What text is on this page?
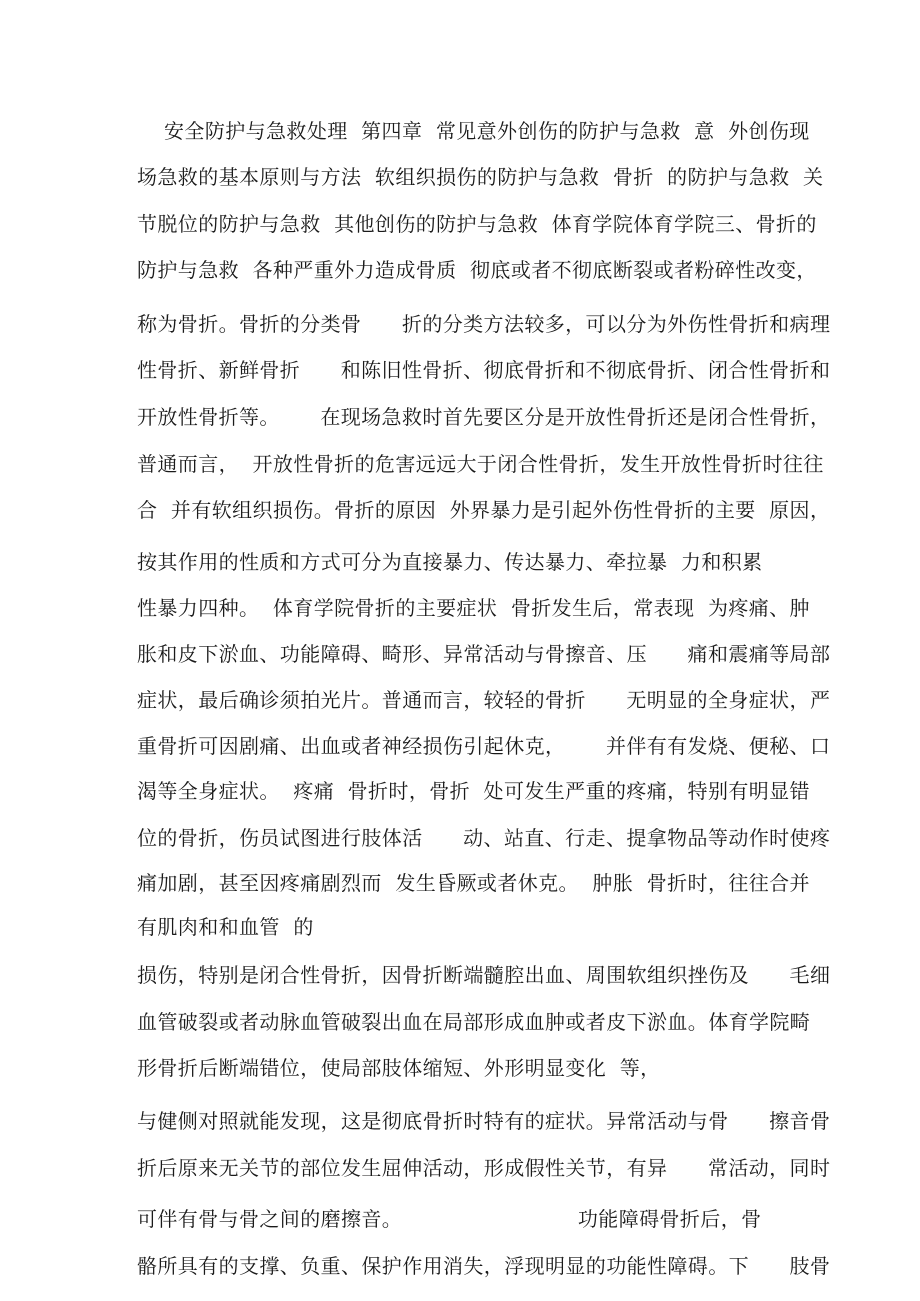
安全防护与急救处理  第四章  常见意外创伤的防护与急救  意  外创伤现
场急救的基本原则与方法  软组织损伤的防护与急救  骨折  的防护与急救  关
节脱位的防护与急救  其他创伤的防护与急救  体育学院体育学院三、骨折的
防护与急救  各种严重外力造成骨质  彻底或者不彻底断裂或者粉碎性改变，
称为骨折。骨折的分类骨      折的分类方法较多，可以分为外伤性骨折和病理
性骨折、新鲜骨折      和陈旧性骨折、彻底骨折和不彻底骨折、闭合性骨折和
开放性骨折等。      在现场急救时首先要区分是开放性骨折还是闭合性骨折，
普通而言，  开放性骨折的危害远远大于闭合性骨折，发生开放性骨折时往往
合  并有软组织损伤。骨折的原因  外界暴力是引起外伤性骨折的主要  原因，
按其作用的性质和方式可分为直接暴力、传达暴力、牵拉暴  力和积累
性暴力四种。  体育学院骨折的主要症状  骨折发生后，常表现  为疼痛、肿
胀和皮下淤血、功能障碍、畸形、异常活动与骨擦音、压      痛和震痛等局部
症状，最后确诊须拍光片。普通而言，较轻的骨折      无明显的全身症状，严
重骨折可因剧痛、出血或者神经损伤引起休克，      并伴有有发烧、便秘、口
渴等全身症状。  疼痛  骨折时，骨折  处可发生严重的疼痛，特别有明显错
位的骨折，伤员试图进行肢体活      动、站直、行走、提拿物品等动作时使疼
痛加剧，甚至因疼痛剧烈而  发生昏厥或者休克。  肿胀  骨折时，往往合并
有肌肉和和血管  的
损伤，特别是闭合性骨折，因骨折断端髓腔出血、周围软组织挫伤及      毛细
血管破裂或者动脉血管破裂出血在局部形成血肿或者皮下淤血。体育学院畸
形骨折后断端错位，使局部肢体缩短、外形明显变化  等，
与健侧对照就能发现，这是彻底骨折时特有的症状。异常活动与骨      擦音骨
折后原来无关节的部位发生屈伸活动，形成假性关节，有异      常活动，同时
可伴有骨与骨之间的磨擦音。                          功能障碍骨折后，骨
骼所具有的支撑、负重、保护作用消失，浮现明显的功能性障碍。下      肢骨
